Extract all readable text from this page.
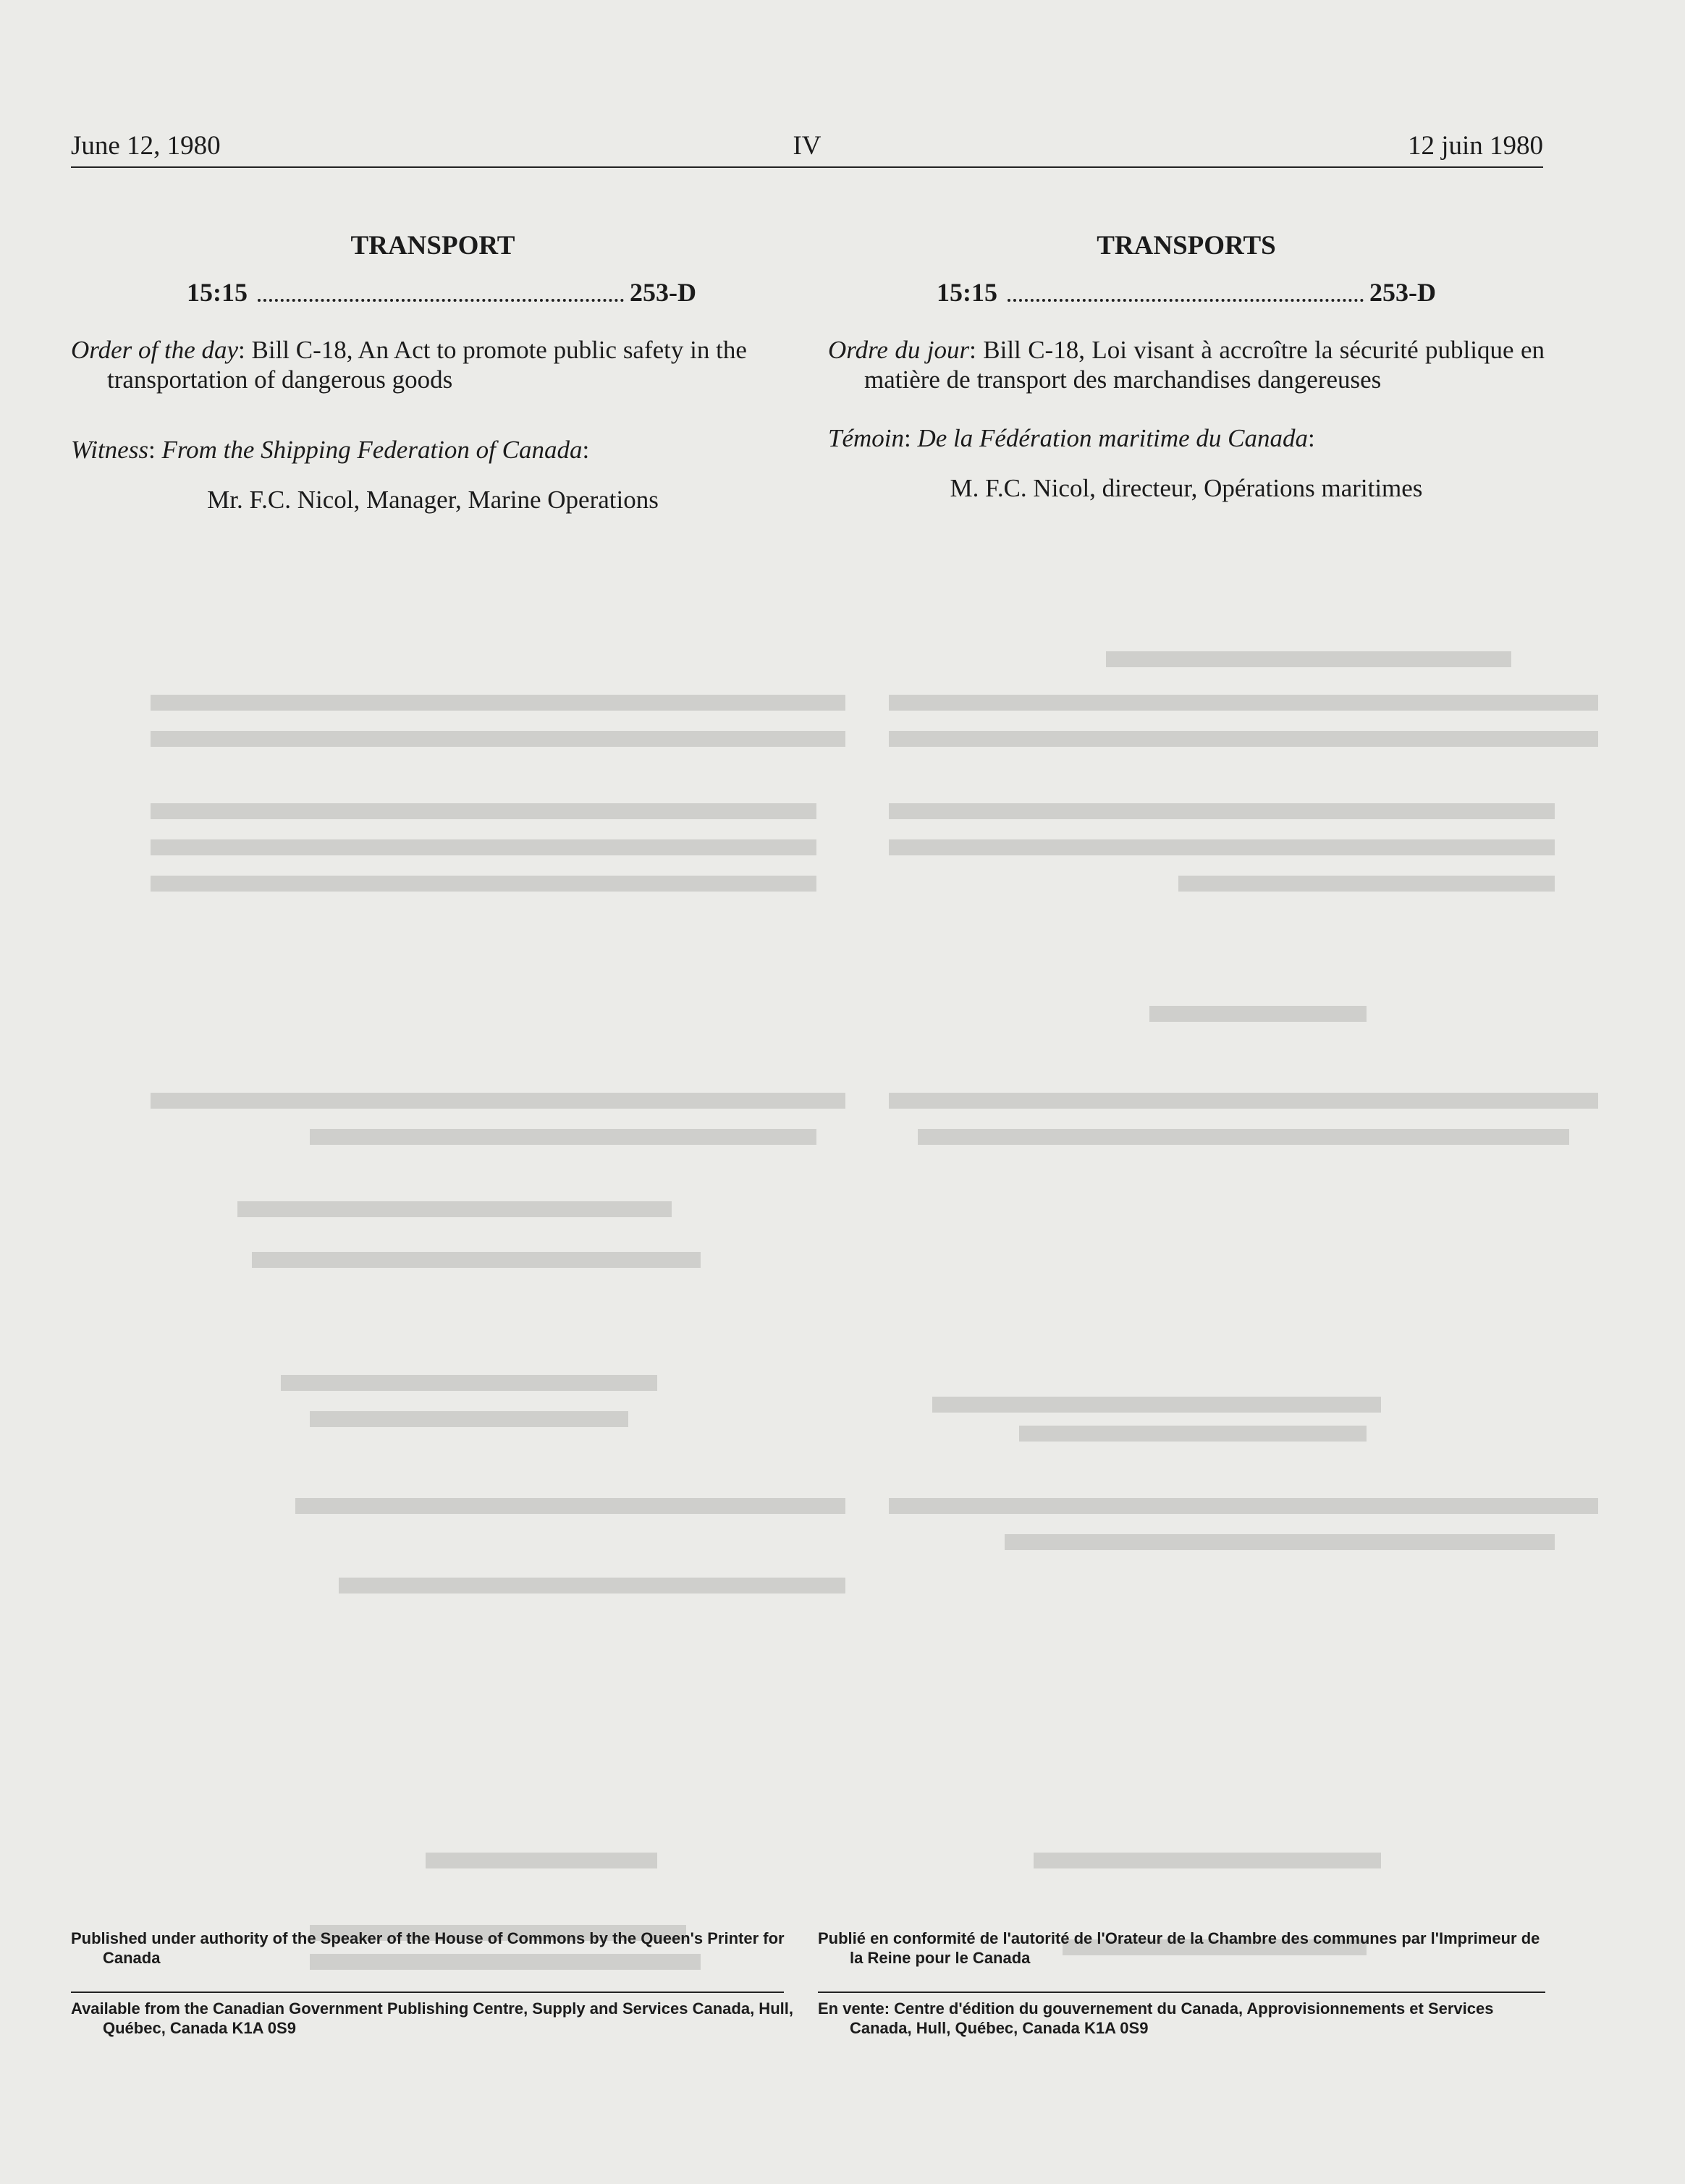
June 12, 1980	IV	12 juin 1980
TRANSPORT
15:15	253-D

Order of the day: Bill C-18, An Act to promote public safety in the transportation of dangerous goods

Witness: From the Shipping Federation of Canada:

Mr. F.C. Nicol, Manager, Marine Operations
TRANSPORTS
15:15	253-D

Ordre du jour: Bill C-18, Loi visant à accroître la sécurité publique en matière de transport des marchandises dangereuses

Témoin: De la Fédération maritime du Canada:

M. F.C. Nicol, directeur, Opérations maritimes

Published under authority of the Speaker of the House of Commons by the Queen's Printer for Canada

Available from the Canadian Government Publishing Centre, Supply and Services Canada, Hull, Québec, Canada K1A 0S9

Publié en conformité de l'autorité de l'Orateur de la Chambre des communes par l'Imprimeur de la Reine pour le Canada

En vente: Centre d'édition du gouvernement du Canada, Approvisionnements et Services Canada, Hull, Québec, Canada K1A 0S9
